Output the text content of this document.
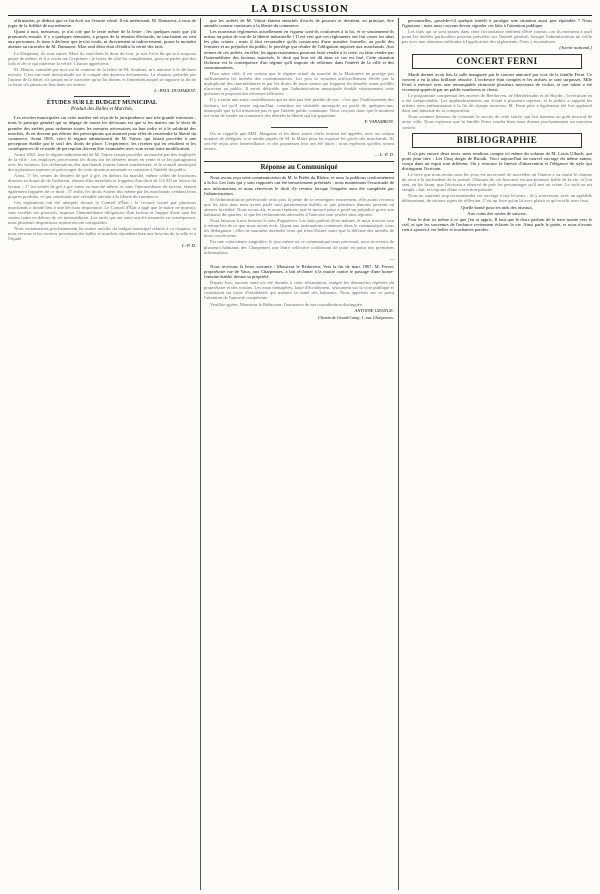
LA DISCUSSION

affirmation, je dédiais que ce fut écrit sur l'exacte vérité. Il est intéressant, M. Dumarest, à vous de juger de la fidélité de ma mémoire.

Quant à moi, messieurs, je n'ai cité que le texte même de la lettre ; les quelques mots que j'ai prononcés ensuite, il y a quelques semaines, à propos de la réunion électorale, ne touchaient en rien aux personnes. Je tiens à déclarer que je n'ai voulu, ni directement ni indirectement, porter la moindre atteinte au caractère de M. Dumarest. Mon seul désir était d'établir la vérité des faits.

Le Dauphiné, ils sont autres. Mais ils vont dans le droit du vrai, je suis l'avis de qui m'a toujours pensé de même, et il a voulu me l'exprimer ; je laisse de côté les compliments, pour ne parler que des faits et de ce qui intéresse la vérité. Chacun appréciera.

M. Hénon, consulté par moi sur le contenu de la lettre de M. Soulmet, m'a autorisé à le déclarer inexact. C'est une note inexactitude sur le compte des derniers événements. La réunion, présidée par l'auteur de la lettre, n'a jamais eu le caractère qu'on lui donne, et l'entretien auquel se rapporte la fin de sa lettre n'a jamais eu lieu dans ces termes.

L.-PAUL DUMAREST.

ÉTUDES SUR LE BUDGET MUNICIPAL

Produit des Halles et Marchés.

Les recettes municipales sur cette matière ont reçu de la jurisprudence une très-grande extension ; mais le principe général qui se dégage de toutes les décisions est que si les maires ont le droit de prendre des arrêtés pour ordonner toutes les mesures nécessaires au bon ordre et à la salubrité des marchés, ils ne doivent pas édicter des prescriptions qui auraient pour effet de restreindre la liberté du commerce. Avant 1865, voici le régime administratif de M. Vaïsse, qui faisait procéder à une perception établie par le tarif des droits de place. L'expérience, les recettes qui en résultent et les conséquences de ce mode de perception doivent être examinées avec soin avant toute modification.

Avant 1865, tout le régime administratif de M. Vaïsse faisait procéder au marché par des employés de la ville ; ces employés percevaient les droits sur les denrées mises en vente et se les partageaient avec les facteurs. Les réclamations des marchands forains furent nombreuses, et le conseil municipal dut à plusieurs reprises se préoccuper de cette situation anormale et contraire à l'intérêt du public.

Ainsi, 1° les ventes de denrées de gré à gré, en dehors du marché, même celles de livraisons directes au domicile de l'acheteur, étaient elles interdites et frappées d'un droit de 1/2 0/0 en faveur du facteur ; 2° les ventes de gré à gré faites au marché même, et sans l'intermédiaire du facteur, étaient également frappées de ce droit ; 3° enfin, les droits étaient dus même par les marchands vendant leurs propres produits, ce qui constituait une véritable atteinte à la liberté du commerce.

Ces règlements ont été attaqués devant le Conseil d'État ; le recours formé par plusieurs marchands a donné lieu à une décision importante. Le Conseil d'État a jugé que le maire ne pouvait, sans excéder ses pouvoirs, imposer l'intermédiaire obligatoire d'un facteur et frapper d'une taxe les ventes faites en dehors de cet intermédiaire. Les tarifs qui ont suivi ont été remaniés en conséquence, mais plusieurs dispositions restent encore critiquables.

Nous examinerons prochainement les autres articles du budget municipal relatifs à ce chapitre, et nous verrons si les recettes provenant des halles et marchés répondent bien aux besoins de la ville et à l'équité.

L.-P. D.

que les arrêtés de M. Vaïsse étaient entachés d'excès de pouvoir et devaient, en principe, être annulés comme contraires à la liberté du commerce.

Les nouveaux règlements actuellement en vigueur sont-ils conformes à la loi, et se soutiennent-ils mieux au point de vue de la liberté industrielle ? Il est vrai que ces règlements ont fait cesser les abus les plus criants ; mais il faut reconnaître qu'ils consacrent d'une manière formelle, au profit des fermiers et au préjudice du public, le privilège qui résulte de l'obligation imposée aux marchands. Aux termes de ces arrêtés, en effet, les approvisionneurs pourront faire vendre à la criée, ou faire vendre par l'intermédiaire des facteurs autorisés, le droit qui leur est dû dans ce cas est fixé. Cette situation fâcheuse est la conséquence d'un régime qu'il importe de réformer dans l'intérêt de la ville et des consommateurs.

D'un autre côté, il est certain que le régime actuel du marché de la Martinière ne protège pas suffisamment les intérêts des consommateurs. Les prix se trouvent artificiellement élevés par la multiplicité des intermédiaires et par les droits de toute nature qui frappent les denrées avant qu'elles n'arrivent au public. Il serait désirable que l'administration municipale étudiât sérieusement cette question et proposât des réformes efficaces.

Il y a enfin une autre considération qui ne doit pas être perdue de vue : c'est que l'établissement des facteurs, tel qu'il existe aujourd'hui, constitue un véritable monopole au profit de quelques-uns, monopole que la loi n'autorise pas et que l'intérêt public condamne. Nous croyons donc que le moment est venu de rendre au commerce des denrées la liberté qui lui appartient.

F. VARAMBON.

On se rappelle que MM. Margaine et les deux autres chefs avaient été appelés, avec un certain nombre de délégués, à se rendre auprès de M. le Maire pour lui exposer les griefs des marchands. Ils ont été reçus avec bienveillance, et des promesses leur ont été faites ; nous espérons qu'elles seront tenues.

— L.-P. D.

Réponse au Communiqué

Nous avons reçu cette communication de M. le Préfet du Rhône, et nous la publions conformément à la loi. Les faits qui y sont rapportés ont été inexactement présentés ; nous maintenons l'exactitude de nos informations et nous réservons le droit d'y revenir lorsque l'enquête aura été complétée par l'administration.

Si l'administration préfectorale avait pris la peine de se renseigner exactement, elle aurait reconnu que les faits dont nous avons parlé sont parfaitement établis, et que plusieurs témoins peuvent en attester la réalité. Nous avons dit, et nous répétons, que la mesure prise a porté un préjudice grave aux habitants du quartier, et que les réclamations adressées à l'autorité sont restées sans réponse.

Nous laissons à nos lecteurs le soin d'apprécier. Les faits parlent d'eux-mêmes, et nous n'avons rien à retrancher de ce que nous avons écrit. Quant aux insinuations contenues dans le communiqué, nous les dédaignons ; elles ne sauraient atteindre ceux qui n'ont d'autre souci que la défense des intérêts de leurs concitoyens.

Par une coïncidence singulière, le jour même où ce communiqué nous parvenait, nous recevions de plusieurs habitants des Charpennes une lettre collective confirmant de point en point nos premières informations.

—

Nous recevons la lettre suivante : Monsieur le Rédacteur, Vers la fin de mars 1867, M. Ferrer, propriétaire rue de Vaux, aux Charpennes, a fait réclamer à la mairie contre le passage d'une borne-fontaine établie devant sa propriété.

Depuis lors, aucune suite n'a été donnée à cette réclamation, malgré les démarches répétées du propriétaire et des voisins. Les eaux ménagères, faute d'écoulement, séjournent sur la voie publique et constituent un foyer d'insalubrité qui menace la santé des habitants. Nous appelons sur ce point l'attention de l'autorité compétente.

Veuillez agréer, Monsieur le Rédacteur, l'assurance de ma considération distinguée.

ANTOINE GRANGE.

Chemin de Grand-Camp, 1, aux Charpennes.

personnelles, possède-t-il quelque intérêt à protéger une situation aussi peu équitable ? Nous l'ignorons ; mais nous croyons devoir signaler ces faits à l'attention publique.

Les faits qui se sont passés dans cette circonstance méritent d'être connus, car ils montrent à quel point les intérêts particuliers peuvent prévaloir sur l'intérêt général, lorsque l'administration ne veille pas avec une attention suffisante à l'application des règlements. Nous y reviendrons.

(Avenir national.)

CONCERT FERNI

Mardi dernier avait lieu la salle inaugurée par le concert annoncé par voie de la famille Ferni. Ce concert a eu la plus brillante réussite. L'orchestre était complet et les artistes se sont surpassés. Mlle Ferni a exécuté avec une remarquable virtuosité plusieurs morceaux de violon, et son talent a été vivement apprécié par un public nombreux et choisi.

Le programme comprenait des œuvres de Beethoven, de Mendelssohn et de Haydn ; l'exécution en a été irréprochable. Les applaudissements ont éclaté à plusieurs reprises, et le public a rappelé les artistes avec enthousiasme à la fin de chaque morceau. M. Ferni père a également été fort applaudi dans une fantaisie de sa composition.

Nous sommes heureux de constater le succès de cette soirée, qui fait honneur au goût musical de notre ville. Nous espérons que la famille Ferni voudra bien nous donner prochainement un nouveau concert.

BIBLIOGRAPHIE

Il n'a pas encore deux mois, nous rendions compte ici même du volume de M. Louis Ulbach, qui porte pour titre : Les Cinq doigts de Birouk. Voici aujourd'hui un nouvel ouvrage du même auteur, conçu dans un esprit tout différent. On y retrouve la finesse d'observation et l'élégance de style qui distinguent l'écrivain.

Le livre que nous avons sous les yeux est un recueil de nouvelles où l'auteur a su réunir le charme du récit à la profondeur de la pensée. Chacune de ces histoires est une peinture fidèle de la vie, et l'on sent, en les lisant, que l'écrivain a observé de près les personnages qu'il met en scène. Le style en est simple, clair, et toujours d'une correction parfaite.

Nous ne saurions trop recommander cet ouvrage à nos lecteurs ; ils y trouveront, avec un agréable délassement, de sérieux sujets de réflexion. C'est un livre qu'on lit avec plaisir et qu'on relit avec fruit.

Quelle bonté pour les nids des oiseaux,

Aux coins des routes de saisons,

Pour le dire ici même à ce que j'en ai appris. Il faut que le doux parfum de la terre monte vers le ciel, et que les souvenirs de l'enfance reviennent éclairer la vie. Ainsi parle le poète, et nous n'avons rien à ajouter à ces belles et touchantes paroles.
